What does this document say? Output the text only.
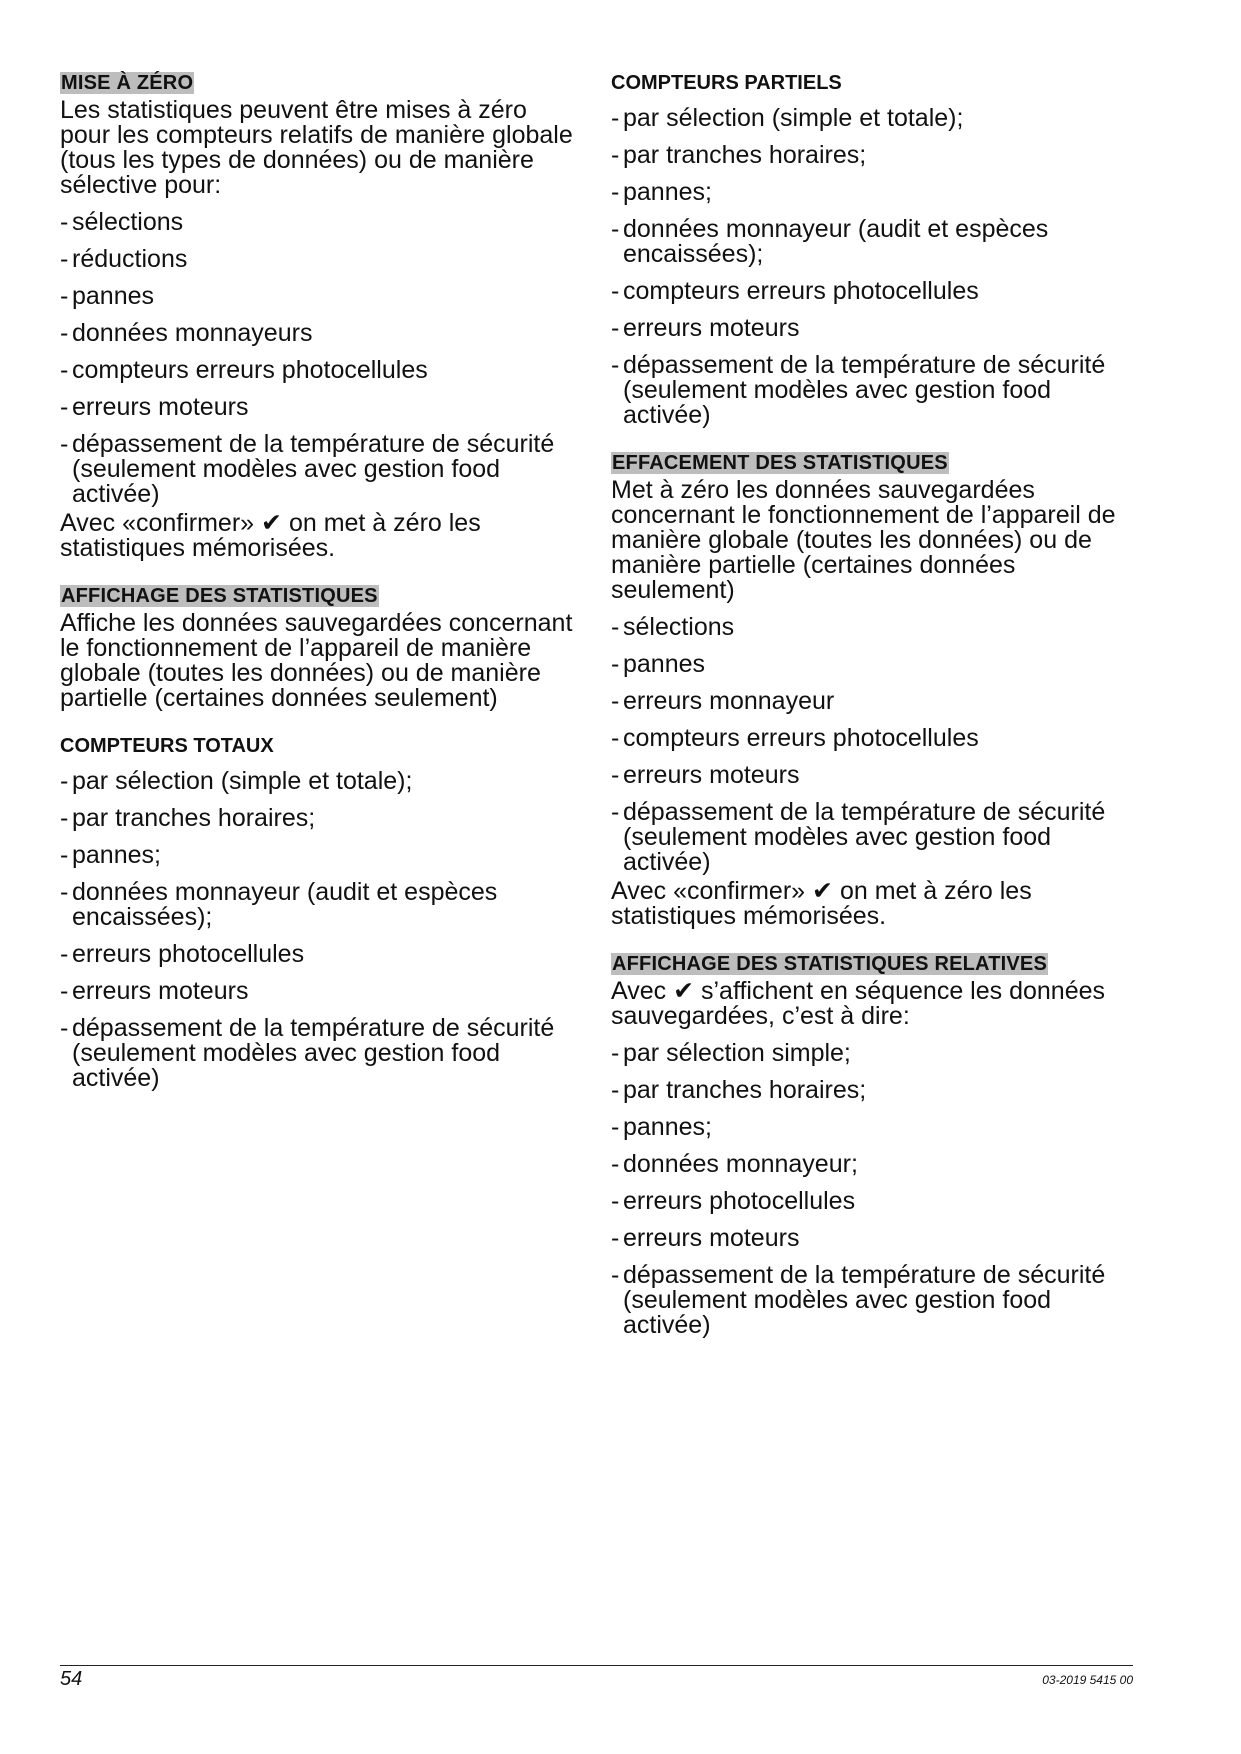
MISE À ZÉRO

Les statistiques peuvent être mises à zéro pour les compteurs relatifs de manière globale (tous les types de données) ou de manière sélective pour:

- sélections
- réductions
- pannes
- données monnayeurs
- compteurs erreurs photocellules
- erreurs moteurs
- dépassement de la température de sécurité (seulement modèles avec gestion food activée)

Avec «confirmer» ✔ on met à zéro les statistiques mémorisées.

AFFICHAGE DES STATISTIQUES

Affiche les données sauvegardées concernant le fonctionnement de l’appareil de manière globale (toutes les données) ou de manière partielle (certaines données seulement)

COMPTEURS TOTAUX

- par sélection (simple et totale);
- par tranches horaires;
- pannes;
- données monnayeur (audit et espèces encaissées);
- erreurs photocellules
- erreurs moteurs
- dépassement de la température de sécurité (seulement modèles avec gestion food activée)

COMPTEURS PARTIELS

- par sélection (simple et totale);
- par tranches horaires;
- pannes;
- données monnayeur (audit et espèces encaissées);
- compteurs erreurs photocellules
- erreurs moteurs
- dépassement de la température de sécurité (seulement modèles avec gestion food activée)
EFFACEMENT DES STATISTIQUES

Met à zéro les données sauvegardées concernant le fonctionnement de l’appareil de manière globale (toutes les données) ou de manière partielle (certaines données seulement)

- sélections
- pannes
- erreurs monnayeur
- compteurs erreurs photocellules
- erreurs moteurs
- dépassement de la température de sécurité (seulement modèles avec gestion food activée)

Avec «confirmer» ✔ on met à zéro les statistiques mémorisées.

AFFICHAGE DES STATISTIQUES RELATIVES

Avec ✔ s’affichent en séquence les données sauvegardées, c’est à dire:

- par sélection simple;
- par tranches horaires;
- pannes;
- données monnayeur;
- erreurs photocellules
- erreurs moteurs
- dépassement de la température de sécurité (seulement modèles avec gestion food activée)
54	03-2019 5415 00
